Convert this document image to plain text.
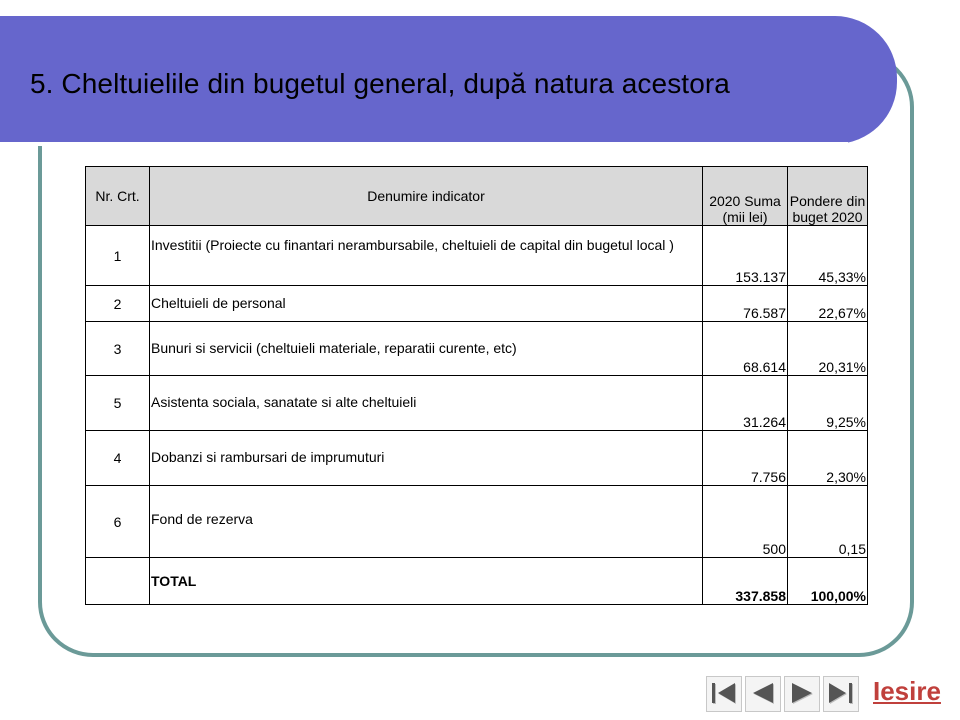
5. Cheltuielile din bugetul general, după natura acestora
Nr. Crt.	Denumire indicator	2020 Suma (mii lei)	Pondere din buget 2020
1	Investitii (Proiecte cu finantari nerambursabile, cheltuieli de capital din bugetul local )	153.137	45,33%
2	Cheltuieli de personal	76.587	22,67%
3	Bunuri si servicii (cheltuieli materiale, reparatii curente, etc)	68.614	20,31%
5	Asistenta sociala, sanatate si alte cheltuieli	31.264	9,25%
4	Dobanzi si rambursari de imprumuturi	7.756	2,30%
6	Fond de rezerva	500	0,15
	TOTAL	337.858	100,00%
Iesire
